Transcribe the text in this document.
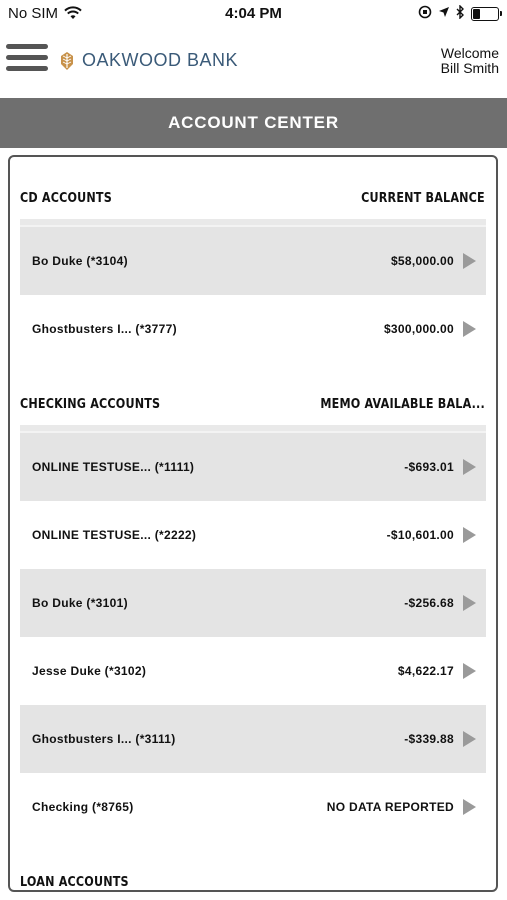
No SIM	4:04 PM
OAKWOOD BANK	Welcome
Bill Smith
ACCOUNT CENTER
CD ACCOUNTS	CURRENT BALANCE
Bo Duke (*3104)	$58,000.00
Ghostbusters I... (*3777)	$300,000.00
CHECKING ACCOUNTS	MEMO AVAILABLE BALA...
ONLINE TESTUSE... (*1111)	-$693.01
ONLINE TESTUSE... (*2222)	-$10,601.00
Bo Duke (*3101)	-$256.68
Jesse Duke (*3102)	$4,622.17
Ghostbusters I... (*3111)	-$339.88
Checking (*8765)	NO DATA REPORTED
LOAN ACCOUNTS
